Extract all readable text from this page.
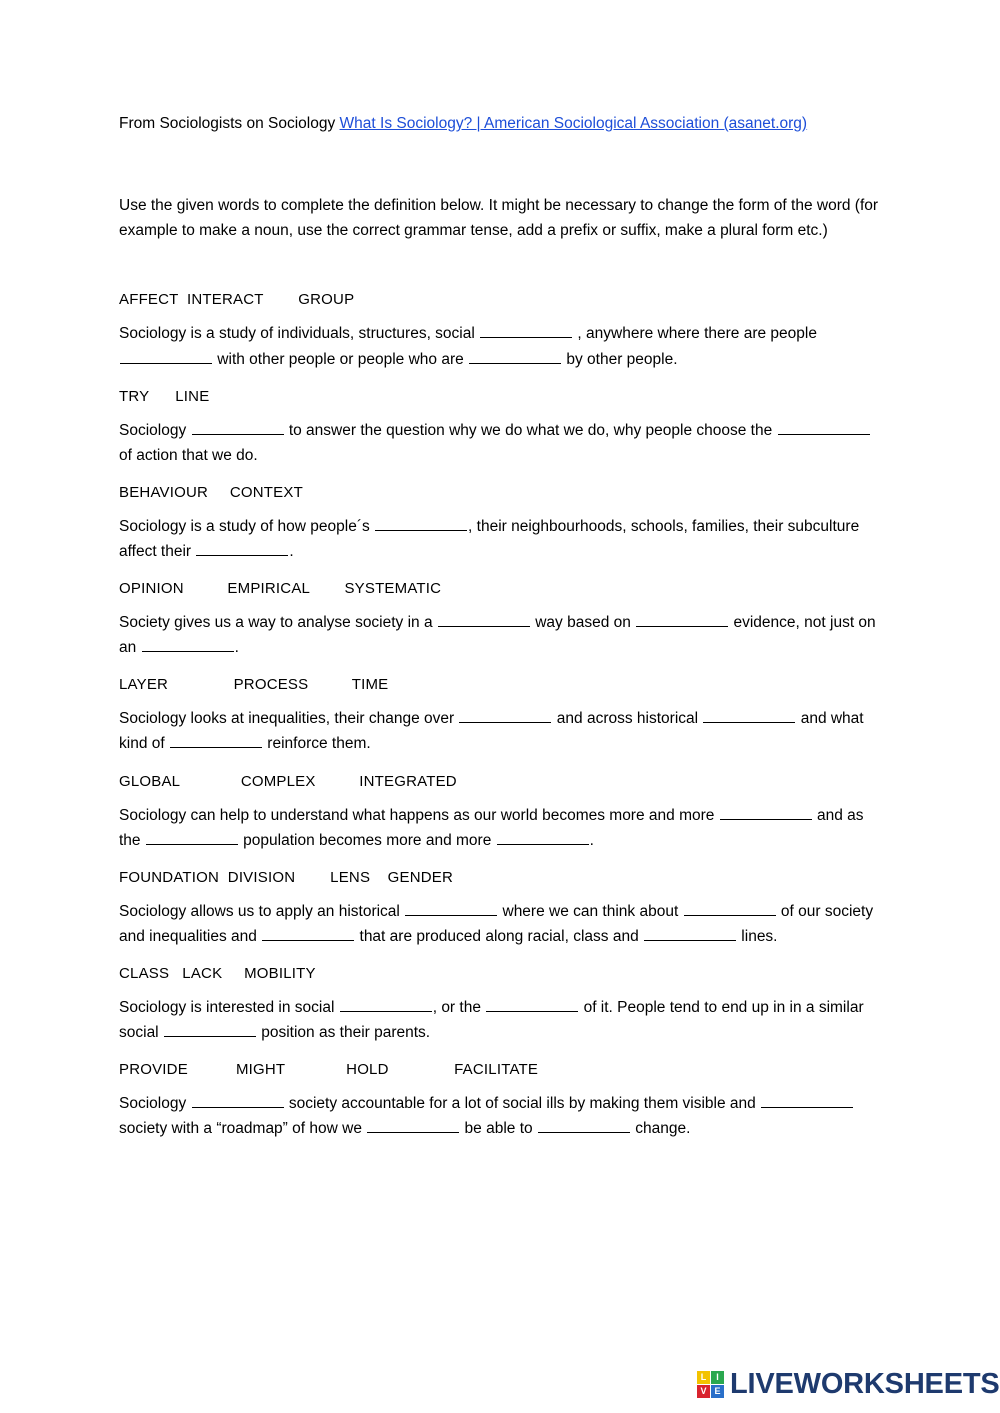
From Sociologists on Sociology What Is Sociology? | American Sociological Association (asanet.org)

Use the given words to complete the definition below. It might be necessary to change the form of the word (for example to make a noun, use the correct grammar tense, add a prefix or suffix, make a plural form etc.)

AFFECT  INTERACT        GROUP
Sociology is a study of individuals, structures, social	, anywhere where there are people  with other people or people who are	by other people.
TRY      LINE
Sociology	to answer the question why we do what we do, why people choose the  of action that we do.
BEHAVIOUR     CONTEXT
Sociology is a study of how people´s	, their neighbourhoods, schools, families, their subculture affect their	.
OPINION          EMPIRICAL        SYSTEMATIC
Society gives us a way to analyse society in a	way based on	evidence, not just on an	.
LAYER               PROCESS          TIME
Sociology looks at inequalities, their change over	and across historical	and what kind of	reinforce them.
GLOBAL              COMPLEX          INTEGRATED
Sociology can help to understand what happens as our world becomes more and more	and as the	population becomes more and more	.
FOUNDATION  DIVISION        LENS    GENDER
Sociology allows us to apply an historical	where we can think about	of our society and inequalities and	that are produced along racial, class and	lines.
CLASS   LACK     MOBILITY
Sociology is interested in social	, or the	of it. People tend to end up in in a similar social	position as their parents.
PROVIDE           MIGHT              HOLD               FACILITATE
Sociology	society accountable for a lot of social ills by making them visible and  society with a “roadmap” of how we	be able to	change.
L	I
V E LIVEWORKSHEETS
